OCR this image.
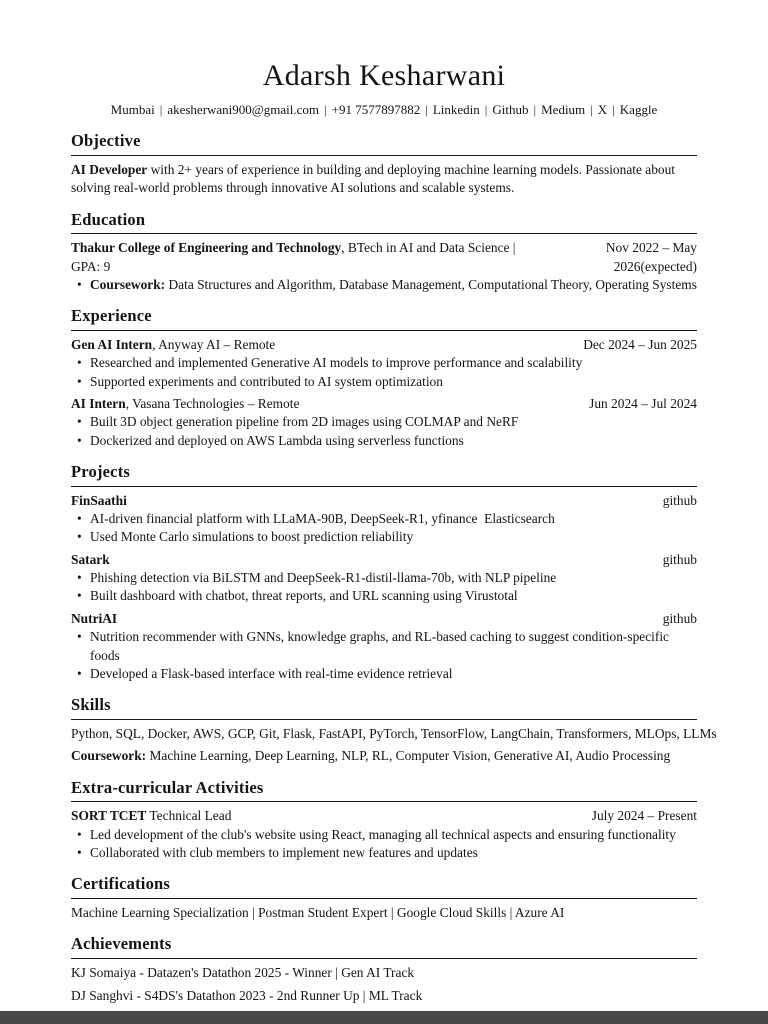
Adarsh Kesharwani
Mumbai | akesherwani900@gmail.com | +91 7577897882 | Linkedin | Github | Medium | X | Kaggle
Objective

AI Developer with 2+ years of experience in building and deploying machine learning models. Passionate about solving real-world problems through innovative AI solutions and scalable systems.

Education
Thakur College of Engineering and Technology, BTech in AI and Data Science |
GPA: 9
Nov 2022 – May 2026(expected)
• Coursework: Data Structures and Algorithm, Database Management, Computational Theory, Operating Systems
Experience
Gen AI Intern, Anyway AI – Remote	Dec 2024 – Jun 2025
• Researched and implemented Generative AI models to improve performance and scalability
• Supported experiments and contributed to AI system optimization
AI Intern, Vasana Technologies – Remote	Jun 2024 – Jul 2024
• Built 3D object generation pipeline from 2D images using COLMAP and NeRF
• Dockerized and deployed on AWS Lambda using serverless functions
Projects
FinSaathi	github
• AI-driven financial platform with LLaMA-90B, DeepSeek-R1, yfinance  Elasticsearch
• Used Monte Carlo simulations to boost prediction reliability
Satark	github
• Phishing detection via BiLSTM and DeepSeek-R1-distil-llama-70b, with NLP pipeline
• Built dashboard with chatbot, threat reports, and URL scanning using Virustotal
NutriAI	github
• Nutrition recommender with GNNs, knowledge graphs, and RL-based caching to suggest condition-specific foods
• Developed a Flask-based interface with real-time evidence retrieval
Skills
Python, SQL, Docker, AWS, GCP, Git, Flask, FastAPI, PyTorch, TensorFlow, LangChain, Transformers, MLOps, LLMs
Coursework: Machine Learning, Deep Learning, NLP, RL, Computer Vision, Generative AI, Audio Processing
Extra-curricular Activities
SORT TCET Technical Lead	July 2024 – Present
• Led development of the club's website using React, managing all technical aspects and ensuring functionality
• Collaborated with club members to implement new features and updates
Certifications
Machine Learning Specialization | Postman Student Expert | Google Cloud Skills | Azure AI
Achievements
KJ Somaiya - Datazen's Datathon 2025 - Winner | Gen AI Track
DJ Sanghvi - S4DS's Datathon 2023 - 2nd Runner Up | ML Track
